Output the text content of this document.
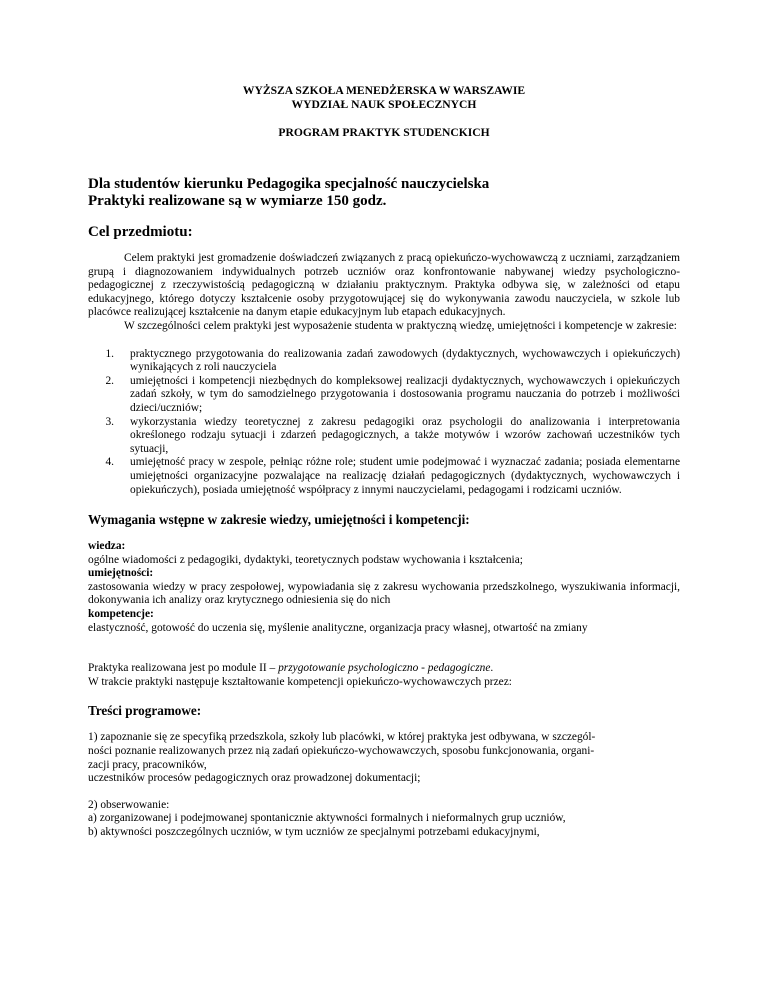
WYŻSZA SZKOŁA MENEDŻERSKA W WARSZAWIE
WYDZIAŁ NAUK SPOŁECZNYCH
PROGRAM PRAKTYK STUDENCKICH
Dla studentów kierunku Pedagogika specjalność nauczycielska
Praktyki realizowane są w wymiarze 150 godz.
Cel przedmiotu:

Celem praktyki jest gromadzenie doświadczeń związanych z pracą opiekuńczo-wychowawczą z uczniami, zarządzaniem grupą i diagnozowaniem indywidualnych potrzeb uczniów oraz konfrontowanie nabywanej wiedzy psychologiczno-pedagogicznej z rzeczywistością pedagogiczną w działaniu praktycznym. Praktyka odbywa się, w zależności od etapu edukacyjnego, którego dotyczy kształcenie osoby przygotowującej się do wykonywania zawodu nauczyciela, w szkole lub placówce realizującej kształcenie na danym etapie edukacyjnym lub etapach edukacyjnych.

W szczególności celem praktyki jest wyposażenie studenta w praktyczną wiedzę, umiejętności i kompetencje w zakresie:

1. praktycznego przygotowania do realizowania zadań zawodowych (dydaktycznych, wychowawczych i opiekuńczych) wynikających z roli nauczyciela
2. umiejętności i kompetencji niezbędnych do kompleksowej realizacji dydaktycznych, wychowawczych i opiekuńczych zadań szkoły, w tym do samodzielnego przygotowania i dostosowania programu nauczania do potrzeb i możliwości dzieci/uczniów;
3. wykorzystania wiedzy teoretycznej z zakresu pedagogiki oraz psychologii do analizowania i interpretowania określonego rodzaju sytuacji i zdarzeń pedagogicznych, a także motywów i wzorów zachowań uczestników tych sytuacji,
4. umiejętność pracy w zespole, pełniąc różne role; student umie podejmować i wyznaczać zadania; posiada elementarne umiejętności organizacyjne pozwalające na realizację działań pedagogicznych (dydaktycznych, wychowawczych i opiekuńczych), posiada umiejętność współpracy z innymi nauczycielami, pedagogami i rodzicami uczniów.
Wymagania wstępne w zakresie wiedzy, umiejętności i kompetencji:

wiedza:

ogólne wiadomości z pedagogiki, dydaktyki, teoretycznych podstaw wychowania i kształcenia;

umiejętności:

zastosowania wiedzy w pracy zespołowej, wypowiadania się z zakresu wychowania przedszkolnego, wyszukiwania informacji, dokonywania ich analizy oraz krytycznego odniesienia się do nich

kompetencje:

elastyczność, gotowość do uczenia się, myślenie analityczne, organizacja pracy własnej, otwartość na zmiany

Praktyka realizowana jest po module II – przygotowanie psychologiczno - pedagogiczne.

W trakcie praktyki następuje kształtowanie kompetencji opiekuńczo-wychowawczych przez:

Treści programowe:

1) zapoznanie się ze specyfiką przedszkola, szkoły lub placówki, w której praktyka jest odbywana, w szczegól-

ności poznanie realizowanych przez nią zadań opiekuńczo-wychowawczych, sposobu funkcjonowania, organi-

zacji pracy, pracowników,

uczestników procesów pedagogicznych oraz prowadzonej dokumentacji;

2) obserwowanie:

a) zorganizowanej i podejmowanej spontanicznie aktywności formalnych i nieformalnych grup uczniów,

b) aktywności poszczególnych uczniów, w tym uczniów ze specjalnymi potrzebami edukacyjnymi,
